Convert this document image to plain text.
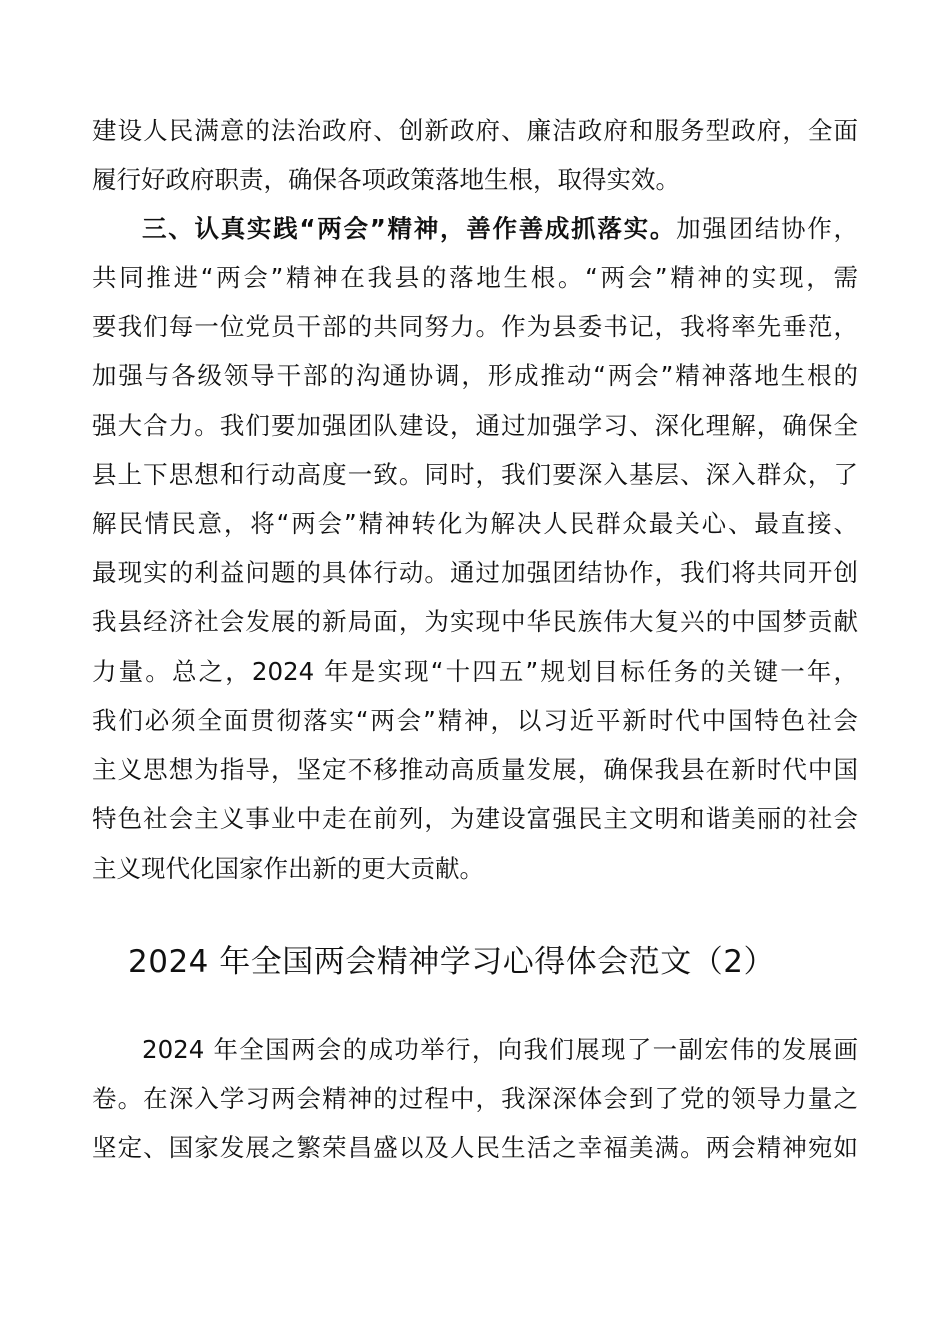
建设人民满意的法治政府、创新政府、廉洁政府和服务型政府，全面
履行好政府职责，确保各项政策落地生根，取得实效。
三、认真实践“两会”精神，善作善成抓落实。加强团结协作，
共同推进“两会”精神在我县的落地生根。“两会”精神的实现，需
要我们每一位党员干部的共同努力。作为县委书记，我将率先垂范，
加强与各级领导干部的沟通协调，形成推动“两会”精神落地生根的
强大合力。我们要加强团队建设，通过加强学习、深化理解，确保全
县上下思想和行动高度一致。同时，我们要深入基层、深入群众，了
解民情民意，将“两会”精神转化为解决人民群众最关心、最直接、
最现实的利益问题的具体行动。通过加强团结协作，我们将共同开创
我县经济社会发展的新局面，为实现中华民族伟大复兴的中国梦贡献
力量。总之，2024 年是实现“十四五”规划目标任务的关键一年，
我们必须全面贯彻落实“两会”精神，以习近平新时代中国特色社会
主义思想为指导，坚定不移推动高质量发展，确保我县在新时代中国
特色社会主义事业中走在前列，为建设富强民主文明和谐美丽的社会
主义现代化国家作出新的更大贡献。
2024 年全国两会精神学习心得体会范文（2）
2024 年全国两会的成功举行，向我们展现了一副宏伟的发展画
卷。在深入学习两会精神的过程中，我深深体会到了党的领导力量之
坚定、国家发展之繁荣昌盛以及人民生活之幸福美满。两会精神宛如
